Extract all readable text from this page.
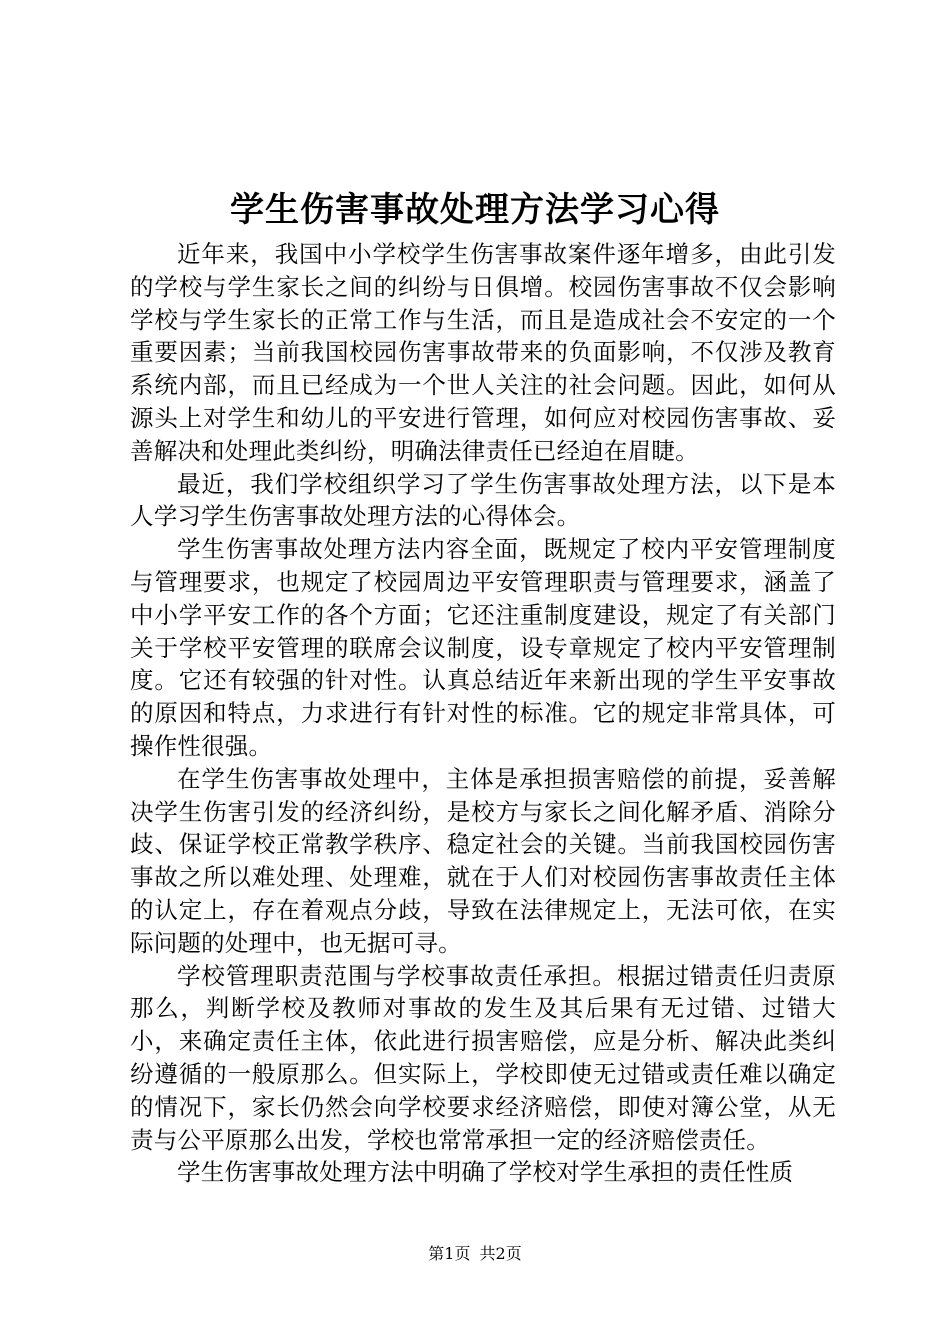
学生伤害事故处理方法学习心得

近年来，我国中小学校学生伤害事故案件逐年增多，由此引发的学校与学生家长之间的纠纷与日俱增。校园伤害事故不仅会影响学校与学生家长的正常工作与生活，而且是造成社会不安定的一个重要因素；当前我国校园伤害事故带来的负面影响，不仅涉及教育系统内部，而且已经成为一个世人关注的社会问题。因此，如何从源头上对学生和幼儿的平安进行管理，如何应对校园伤害事故、妥善解决和处理此类纠纷，明确法律责任已经迫在眉睫。

最近，我们学校组织学习了学生伤害事故处理方法，以下是本人学习学生伤害事故处理方法的心得体会。

学生伤害事故处理方法内容全面，既规定了校内平安管理制度与管理要求，也规定了校园周边平安管理职责与管理要求，涵盖了中小学平安工作的各个方面；它还注重制度建设，规定了有关部门关于学校平安管理的联席会议制度，设专章规定了校内平安管理制度。它还有较强的针对性。认真总结近年来新出现的学生平安事故的原因和特点，力求进行有针对性的标准。它的规定非常具体，可操作性很强。

在学生伤害事故处理中，主体是承担损害赔偿的前提，妥善解决学生伤害引发的经济纠纷，是校方与家长之间化解矛盾、消除分歧、保证学校正常教学秩序、稳定社会的关键。当前我国校园伤害事故之所以难处理、处理难，就在于人们对校园伤害事故责任主体的认定上，存在着观点分歧，导致在法律规定上，无法可依，在实际问题的处理中，也无据可寻。

学校管理职责范围与学校事故责任承担。根据过错责任归责原那么，判断学校及教师对事故的发生及其后果有无过错、过错大小，来确定责任主体，依此进行损害赔偿，应是分析、解决此类纠纷遵循的一般原那么。但实际上，学校即使无过错或责任难以确定的情况下，家长仍然会向学校要求经济赔偿，即使对簿公堂，从无责与公平原那么出发，学校也常常承担一定的经济赔偿责任。

学生伤害事故处理方法中明确了学校对学生承担的责任性质

第1页 共2页
